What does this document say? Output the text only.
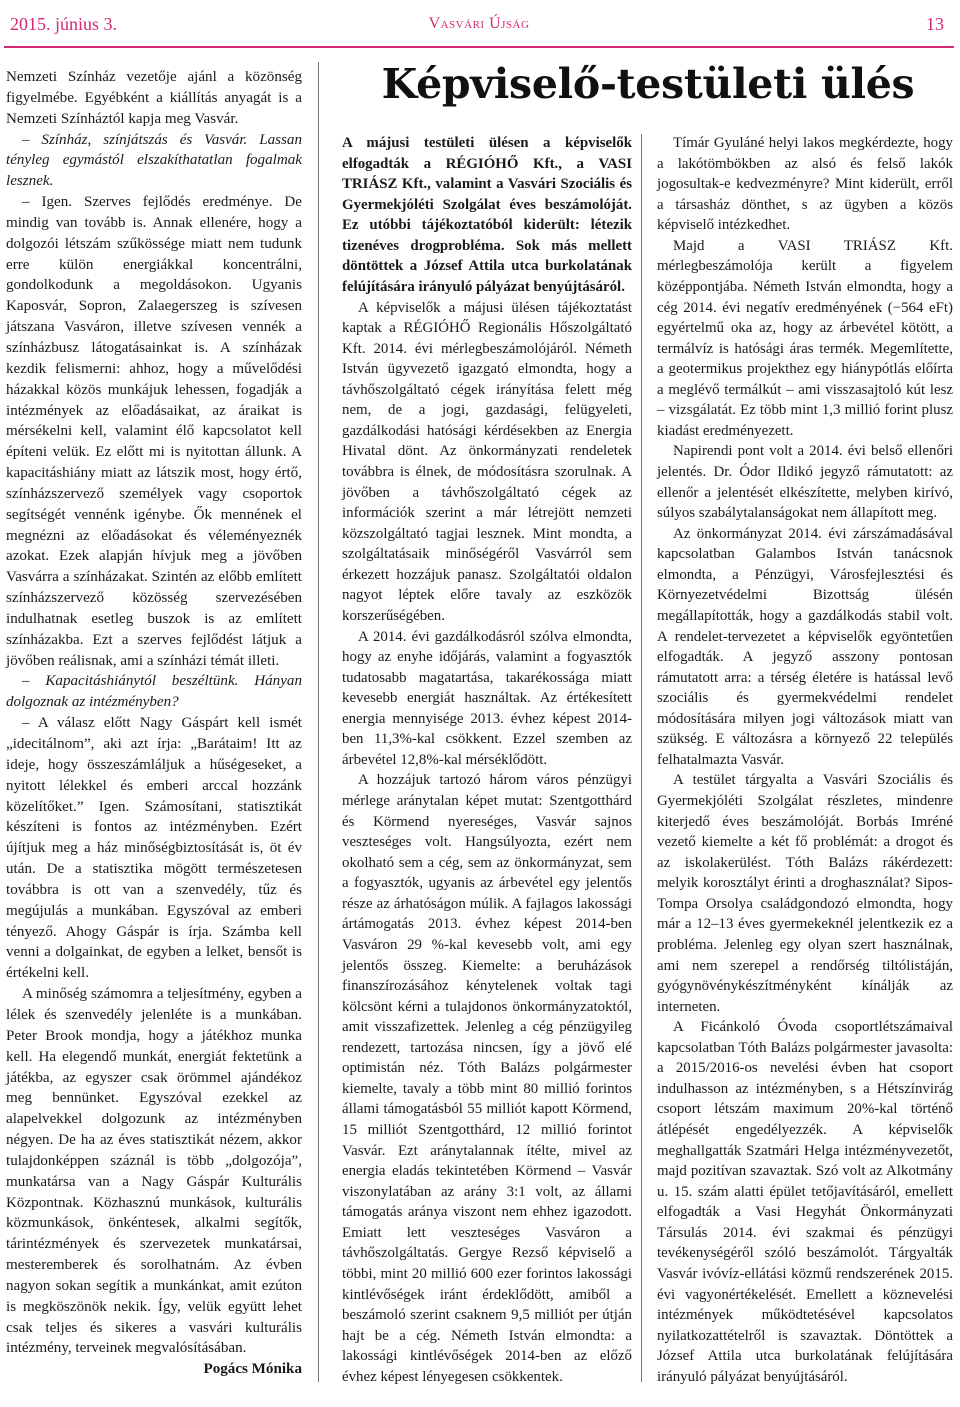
2015. június 3.	Vasvári Újság	13

Nemzeti Színház vezetője ajánl a közönség figyelmébe. Egyébként a kiállítás anyagát is a Nemzeti Színháztól kapja meg Vasvár.

– Színház, színjátszás és Vasvár. Lassan tényleg egymástól elszakíthatatlan fogalmak lesznek.

– Igen. Szerves fejlődés eredménye. De mindig van tovább is. Annak ellenére, hogy a dolgozói létszám szűkössége miatt nem tudunk erre külön energiákkal koncentrálni, gondolkodunk a megoldásokon. Ugyanis Kaposvár, Sopron, Zalaegerszeg is szívesen játszana Vasváron, illetve szívesen vennék a színházbusz látogatásainkat is. A színházak kezdik felismerni: ahhoz, hogy a művelődési házakkal közös munkájuk lehessen, fogadják a intézmények az előadásaikat, az áraikat is mérsékelni kell, valamint élő kapcsolatot kell építeni velük. Ez előtt mi is nyitottan állunk. A kapacitáshiány miatt az látszik most, hogy értő, színházszervező személyek vagy csoportok segítségét vennénk igénybe. Ők mennének el megnézni az előadásokat és véleményeznék azokat. Ezek alapján hívjuk meg a jövőben Vasvárra a színházakat. Szintén az előbb említett színházszervező közösség szervezésében indulhatnak esetleg buszok is az említett színházakba. Ezt a szerves fejlődést látjuk a jövőben reálisnak, ami a színházi témát illeti.

– Kapacitáshiánytól beszéltünk. Hányan dolgoznak az intézményben?

– A válasz előtt Nagy Gáspárt kell ismét „idecitálnom”, aki azt írja: „Barátaim! Itt az ideje, hogy összeszámláljuk a hűségeseket, a nyitott lélekkel és emberi arccal hozzánk közelítőket.” Igen. Számosítani, statisztikát készíteni is fontos az intézményben. Ezért újítjuk meg a ház minőségbiztosítását is, öt év után. De a statisztika mögött természetesen továbbra is ott van a szenvedély, tűz és megújulás a munkában. Egyszóval az emberi tényező. Ahogy Gáspár is írja. Számba kell venni a dolgainkat, de egyben a lelket, bensőt is értékelni kell.

A minőség számomra a teljesítmény, egyben a lélek és szenvedély jelenléte is a munkában. Peter Brook mondja, hogy a játékhoz munka kell. Ha elegendő munkát, energiát fektetünk a játékba, az egyszer csak örömmel ajándékoz meg bennünket. Egyszóval ezekkel az alapelvekkel dolgozunk az intézményben négyen. De ha az éves statisztikát nézem, akkor tulajdonképpen száznál is több „dolgozója”, munkatársa van a Nagy Gáspár Kulturális Központnak. Közhasznú munkások, kulturális közmunkások, önkéntesek, alkalmi segítők, tárintézmények és szervezetek munkatársai, mesteremberek és sorolhatnám. Az évben nagyon sokan segítik a munkánkat, amit ezúton is megköszönök nekik. Így, velük együtt lehet csak teljes és sikeres a vasvári kulturális intézmény, terveinek megvalósításában.

Pogács Mónika

Képviselő-testületi ülés

A májusi testületi ülésen a képviselők elfogadták a RÉGIÓHŐ Kft., a VASI TRIÁSZ Kft., valamint a Vasvári Szociális és Gyermekjóléti Szolgálat éves beszámolóját. Ez utóbbi tájékoztatóból kiderült: létezik tizenéves drogprobléma. Sok más mellett döntöttek a József Attila utca burkolatának felújítására irányuló pályázat benyújtásáról.

A képviselők a májusi ülésen tájékoztatást kaptak a RÉGIÓHŐ Regionális Hőszolgáltató Kft. 2014. évi mérlegbeszámolójáról. Németh István ügyvezető igazgató elmondta, hogy a távhőszolgáltató cégek irányítása felett még nem, de a jogi, gazdasági, felügyeleti, gazdálkodási hatósági kérdésekben az Energia Hivatal dönt. Az önkormányzati rendeletek továbbra is élnek, de módosításra szorulnak. A jövőben a távhőszolgáltató cégek az információk szerint a már létrejött nemzeti közszolgáltató tagjai lesznek. Mint mondta, a szolgáltatásaik minőségéről Vasvárról sem érkezett hozzájuk panasz. Szolgáltatói oldalon nagyot léptek előre tavaly az eszközök korszerűségében.

A 2014. évi gazdálkodásról szólva elmondta, hogy az enyhe időjárás, valamint a fogyasztók tudatosabb magatartása, takarékossága miatt kevesebb energiát használtak. Az értékesített energia mennyisége 2013. évhez képest 2014-ben 11,3%-kal csökkent. Ezzel szemben az árbevétel 12,8%-kal mérséklődött.

A hozzájuk tartozó három város pénzügyi mérlege aránytalan képet mutat: Szentgotthárd és Körmend nyereséges, Vasvár sajnos veszteséges volt. Hangsúlyozta, ezért nem okolható sem a cég, sem az önkormányzat, sem a fogyasztók, ugyanis az árbevétel egy jelentős része az árhatóságon múlik. A fajlagos lakossági ártámogatás 2013. évhez képest 2014-ben Vasváron 29 %-kal kevesebb volt, ami egy jelentős összeg. Kiemelte: a beruházások finanszírozásához kénytelenek voltak tagi kölcsönt kérni a tulajdonos önkormányzatoktól, amit visszafizettek. Jelenleg a cég pénzügyileg rendezett, tartozása nincsen, így a jövő elé optimistán néz. Tóth Balázs polgármester kiemelte, tavaly a több mint 80 millió forintos állami támogatásból 55 milliót kapott Körmend, 15 milliót Szentgotthárd, 12 millió forintot Vasvár. Ezt aránytalannak ítélte, mivel az energia eladás tekintetében Körmend – Vasvár viszonylatában az arány 3:1 volt, az állami támogatás aránya viszont nem ehhez igazodott. Emiatt lett veszteséges Vasváron a távhőszolgáltatás. Gergye Rezső képviselő a többi, mint 20 millió 600 ezer forintos lakossági kintlévőségek iránt érdeklődött, amiből a beszámoló szerint csaknem 9,5 milliót per útján hajt be a cég. Németh István elmondta: a lakossági kintlévőségek 2014-ben az előző évhez képest lényegesen csökkentek.

Tímár Gyuláné helyi lakos megkérdezte, hogy a lakótömbökben az alsó és felső lakók jogosultak-e kedvezményre? Mint kiderült, erről a társasház dönthet, s az ügyben a közös képviselő intézkedhet.

Majd a VASI TRIÁSZ Kft. mérlegbeszámolója került a figyelem középpontjába. Németh István elmondta, hogy a cég 2014. évi negatív eredményének (−564 eFt) egyértelmű oka az, hogy az árbevétel kötött, a termálvíz is hatósági áras termék. Megemlítette, a geotermikus projekthez egy hiánypótlás előírta a meglévő termálkút – ami visszasajtoló kút lesz – vizsgálatát. Ez több mint 1,3 millió forint plusz kiadást eredményezett.

Napirendi pont volt a 2014. évi belső ellenőri jelentés. Dr. Ódor Ildikó jegyző rámutatott: az ellenőr a jelentését elkészítette, melyben kirívó, súlyos szabálytalanságokat nem állapított meg.

Az önkormányzat 2014. évi zárszámadásával kapcsolatban Galambos István tanácsnok elmondta, a Pénzügyi, Városfejlesztési és Környezetvédelmi Bizottság ülésén megállapították, hogy a gazdálkodás stabil volt. A rendelet-tervezetet a képviselők egyöntetűen elfogadták. A jegyző asszony pontosan rámutatott arra: a térség életére is hatással levő szociális és gyermekvédelmi rendelet módosítására milyen jogi változások miatt van szükség. E változásra a környező 22 település felhatalmazta Vasvár.

A testület tárgyalta a Vasvári Szociális és Gyermekjóléti Szolgálat részletes, mindenre kiterjedő éves beszámolóját. Borbás Imréné vezető kiemelte a két fő problémát: a drogot és az iskolakerülést. Tóth Balázs rákérdezett: melyik korosztályt érinti a droghasználat? Sipos-Tompa Orsolya családgondozó elmondta, hogy már a 12–13 éves gyermekeknél jelentkezik ez a probléma. Jelenleg egy olyan szert használnak, ami nem szerepel a rendőrség tiltólistáján, gyógynövénykészítményként kínálják az interneten.

A Ficánkoló Óvoda csoportlétszámaival kapcsolatban Tóth Balázs polgármester javasolta: a 2015/2016-os nevelési évben hat csoport indulhasson az intézményben, s a Hétszínvirág csoport létszám maximum 20%-kal történő átlépését engedélyezzék. A képviselők meghallgatták Szatmári Helga intézményvezetőt, majd pozitívan szavaztak. Szó volt az Alkotmány u. 15. szám alatti épület tetőjavításáról, emellett elfogadták a Vasi Hegyhát Önkormányzati Társulás 2014. évi szakmai és pénzügyi tevékenységéről szóló beszámolót. Tárgyalták Vasvár ivóvíz-ellátási közmű rendszerének 2015. évi vagyonértékelését. Emellett a köznevelési intézmények működtetésével kapcsolatos nyilatkozattételről is szavaztak. Döntöttek a József Attila utca burkolatának felújítására irányuló pályázat benyújtásáról.
